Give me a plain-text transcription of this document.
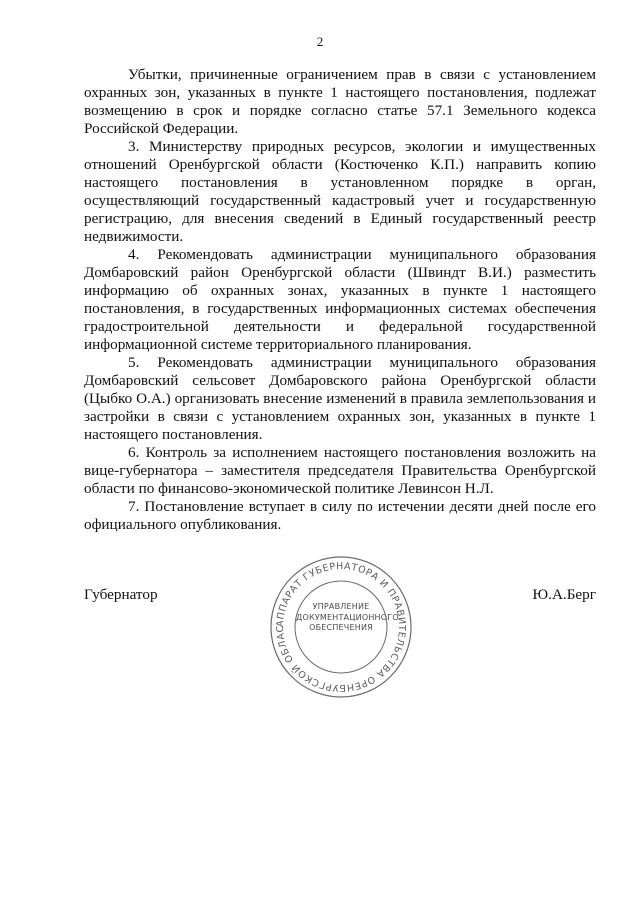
2

Убытки, причиненные ограничением прав в связи с установлением охранных зон, указанных в пункте 1 настоящего постановления, подлежат возмещению в срок и порядке согласно статье 57.1 Земельного кодекса Российской Федерации.

3. Министерству природных ресурсов, экологии и имущественных отношений Оренбургской области (Костюченко К.П.) направить копию настоящего постановления в установленном порядке в орган, осуществляющий государственный кадастровый учет и государственную регистрацию, для внесения сведений в Единый государственный реестр недвижимости.

4. Рекомендовать администрации муниципального образования Домбаровский район Оренбургской области (Швиндт В.И.) разместить информацию об охранных зонах, указанных в пункте 1 настоящего постановления, в государственных информационных системах обеспечения градостроительной деятельности и федеральной государственной информационной системе территориального планирования.

5. Рекомендовать администрации муниципального образования Домбаровский сельсовет Домбаровского района Оренбургской области (Цыбко О.А.) организовать внесение изменений в правила землепользования и застройки в связи с установлением охранных зон, указанных в пункте 1 настоящего постановления.

6. Контроль за исполнением настоящего постановления возложить на вице-губернатора – заместителя председателя Правительства Оренбургской области по финансово-экономической политике Левинсон Н.Л.

7. Постановление вступает в силу по истечении десяти дней после его официального опубликования.

Губернатор	Ю.А.Берг
АППАРАТ ГУБЕРНАТОРА И ПРАВИТЕЛЬСТВА ОРЕНБУРГСКОЙ ОБЛАС
УПРАВЛЕНИЕ
ДОКУМЕНТАЦИОННОГО
ОБЕСПЕЧЕНИЯ
